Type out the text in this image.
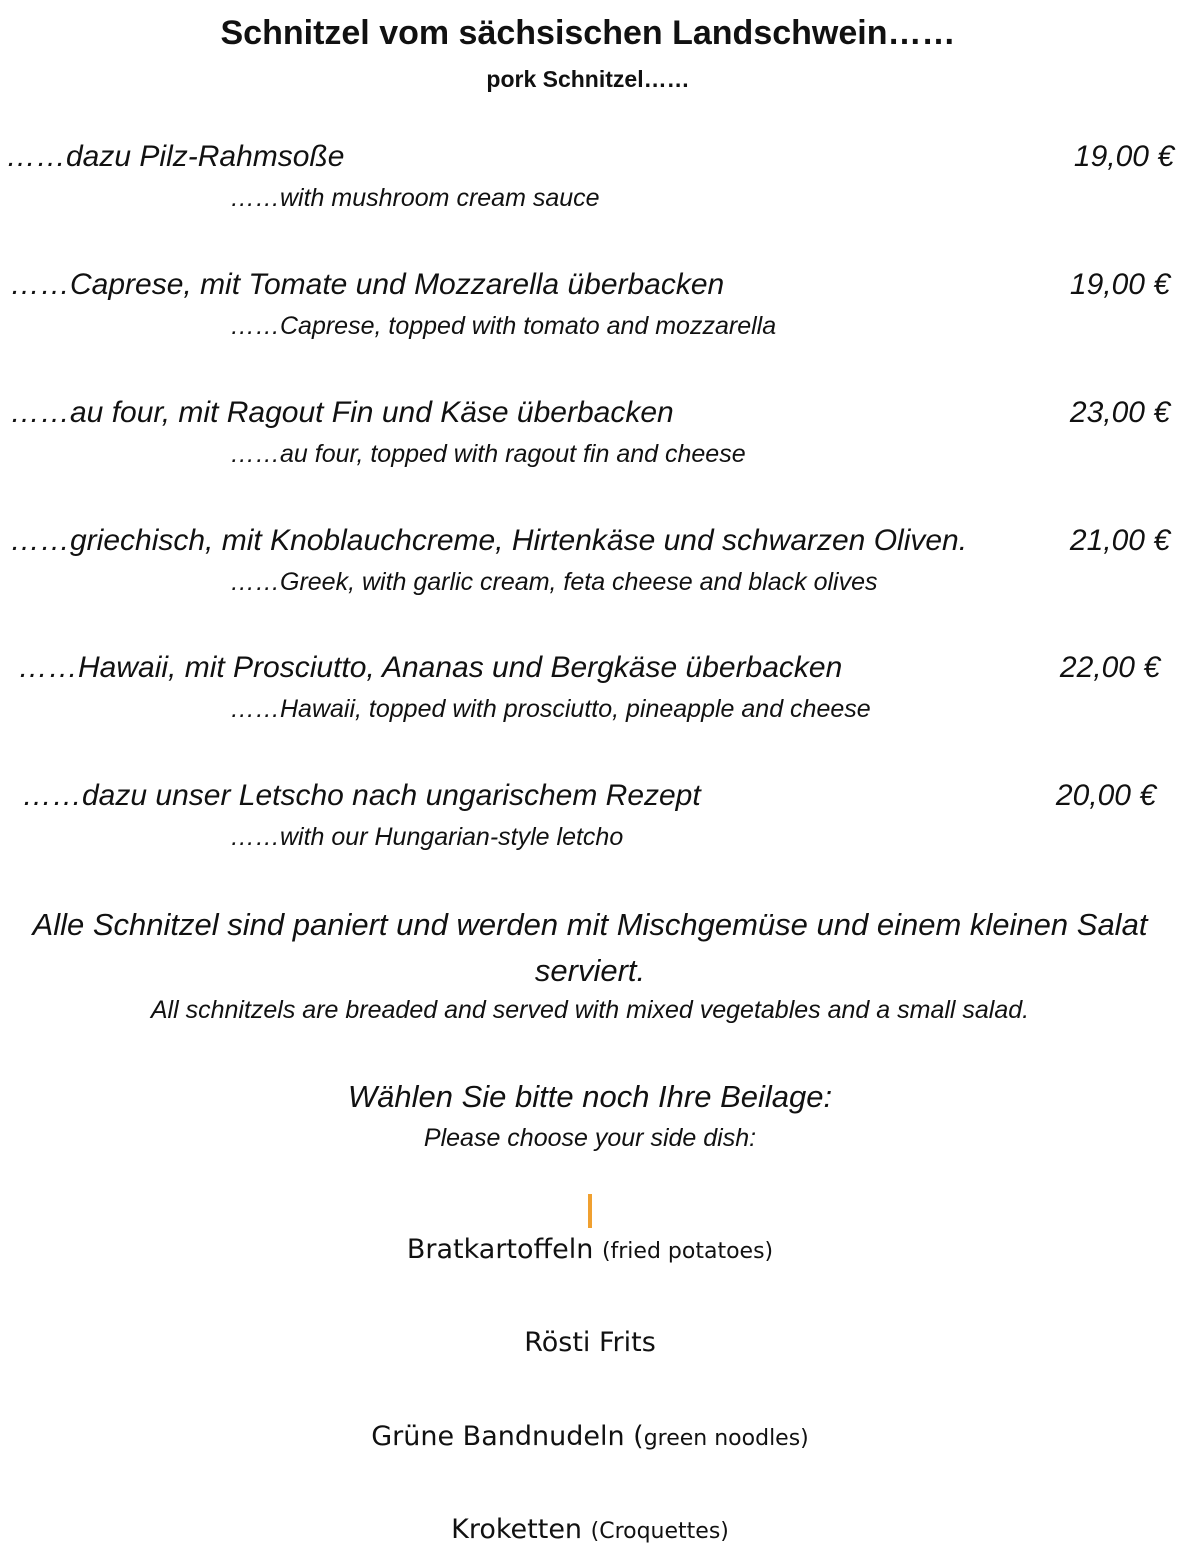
Schnitzel vom sächsischen Landschwein……
pork Schnitzel……
……dazu Pilz-Rahmsoße	19,00 €
……with mushroom cream sauce
……Caprese, mit Tomate und Mozzarella überbacken	19,00 €
……Caprese, topped with tomato and mozzarella
……au four, mit Ragout Fin und Käse überbacken	23,00 €
……au four, topped with ragout fin and cheese
……griechisch, mit Knoblauchcreme, Hirtenkäse und schwarzen Oliven.	21,00 €
……Greek, with garlic cream, feta cheese and black olives
……Hawaii, mit Prosciutto, Ananas und Bergkäse überbacken	22,00 €
……Hawaii, topped with prosciutto, pineapple and cheese
……dazu unser Letscho nach ungarischem Rezept	20,00 €
……with our Hungarian-style letcho
Alle Schnitzel sind paniert und werden mit Mischgemüse und einem kleinen Salat serviert.
All schnitzels are breaded and served with mixed vegetables and a small salad.
Wählen Sie bitte noch Ihre Beilage:
Please choose your side dish:
Bratkartoffeln (fried potatoes)
Rösti Frits
Grüne Bandnudeln (green noodles)
Kroketten (Croquettes)
